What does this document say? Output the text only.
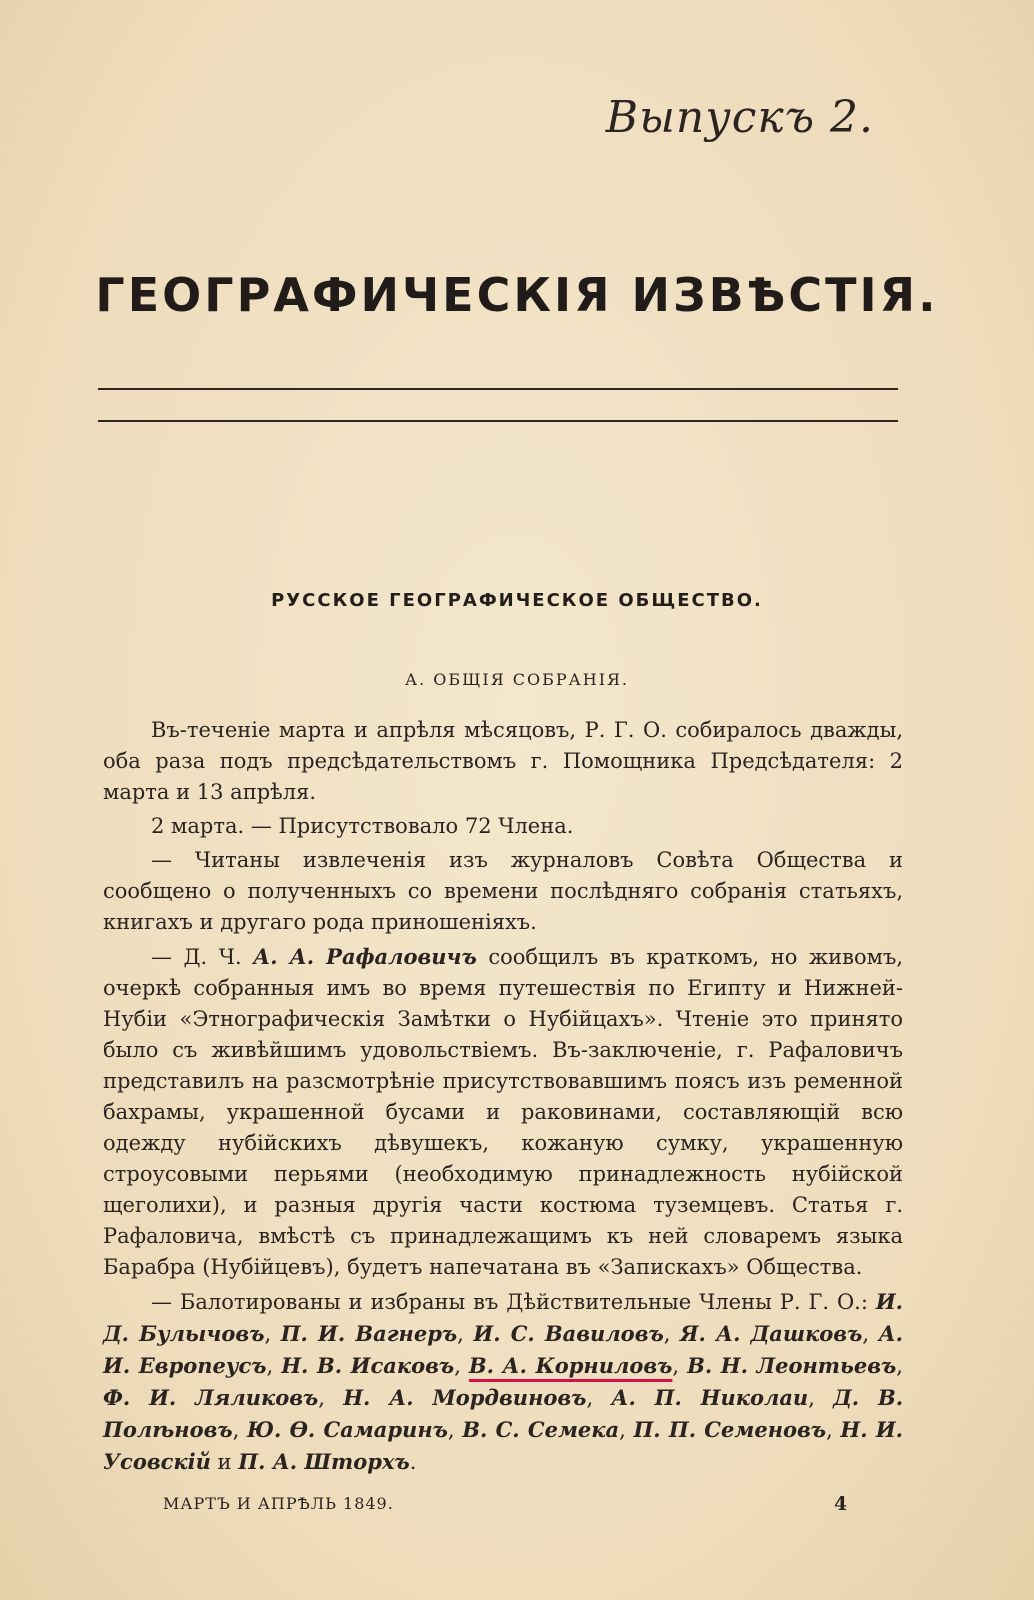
Выпускъ 2.
ГЕОГРАФИЧЕСКІЯ ИЗВѢСТІЯ.
РУССКОЕ ГЕОГРАФИЧЕСКОЕ ОБЩЕСТВО.
А. ОБЩІЯ СОБРАНІЯ.

Въ-теченіе марта и апрѣля мѣсяцовъ, Р. Г. О. собиралось дважды, оба раза подъ предсѣдательствомъ г. Помощника Предсѣдателя: 2 марта и 13 апрѣля.

2 марта. — Присутствовало 72 Члена.

— Читаны извлеченія изъ журналовъ Совѣта Общества и сообщено о полученныхъ со времени послѣдняго собранія статьяхъ, книгахъ и другаго рода приношеніяхъ.

— Д. Ч. А. А. Рафаловичъ сообщилъ въ краткомъ, но живомъ, очеркѣ собранныя имъ во время путешествія по Египту и Нижней-Нубіи «Этнографическія Замѣтки о Нубійцахъ». Чтеніе это принято было съ живѣйшимъ удовольствіемъ. Въ-заключеніе, г. Рафаловичъ представилъ на разсмотрѣніе присутствовавшимъ поясъ изъ ременной бахрамы, украшенной бусами и раковинами, составляющій всю одежду нубійскихъ дѣвушекъ, кожаную сумку, украшенную строусовыми перьями (необходимую принадлежность нубійской щеголихи), и разныя другія части костюма туземцевъ. Статья г. Рафаловича, вмѣстѣ съ принадлежащимъ къ ней словаремъ языка Барабра (Нубійцевъ), будетъ напечатана въ «Запискахъ» Общества.

— Балотированы и избраны въ Дѣйствительные Члены Р. Г. О.: И. Д. Булычовъ, П. И. Вагнеръ, И. С. Вавиловъ, Я. А. Дашковъ, А. И. Европеусъ, Н. В. Исаковъ, В. А. Корниловъ, В. Н. Леонтьевъ, Ф. И. Ляликовъ, Н. А. Мордвиновъ, А. П. Николаи, Д. В. Полѣновъ, Ю. Ѳ. Самаринъ, В. С. Семека, П. П. Семеновъ, Н. И. Усовскій и П. А. Шторхъ.

МАРТЪ И АПРѢЛЬ 1849.	4
